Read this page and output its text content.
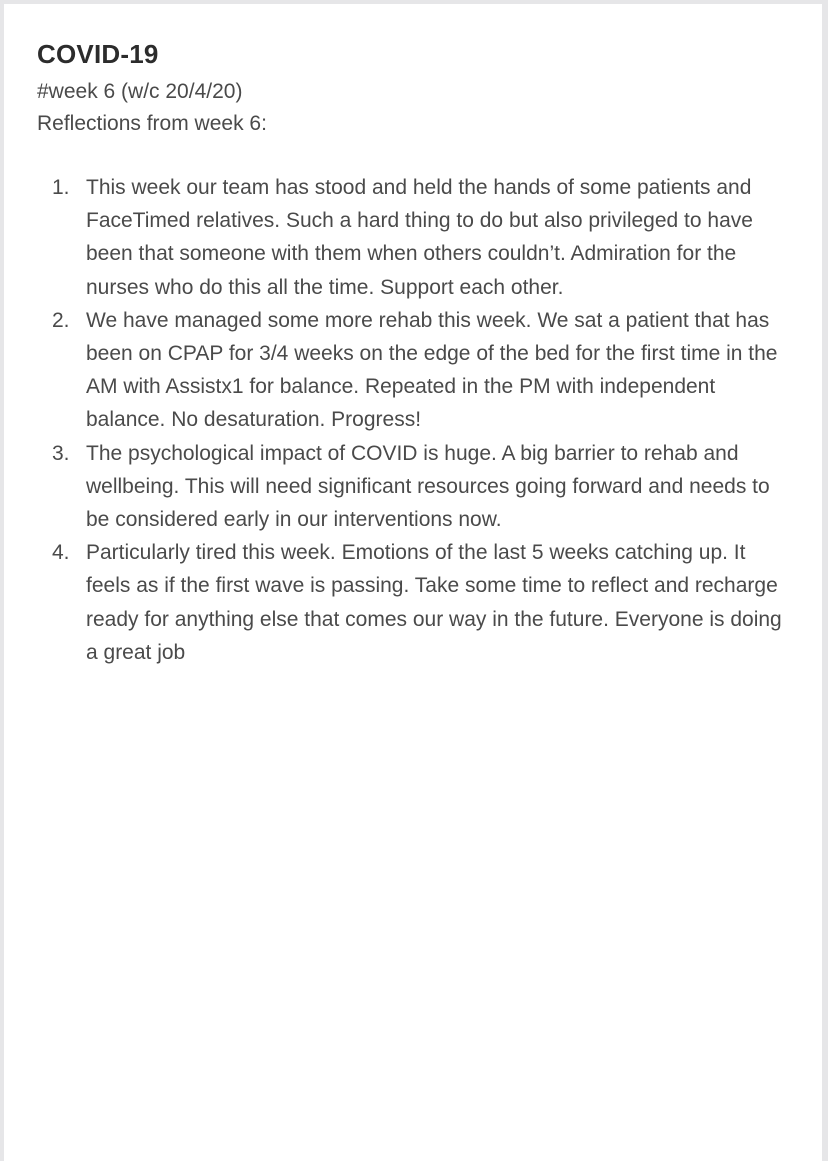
COVID-19

#week 6 (w/c 20/4/20)

Reflections from week 6:

1. This week our team has stood and held the hands of some patients and FaceTimed relatives. Such a hard thing to do but also privileged to have been that someone with them when others couldn’t. Admiration for the nurses who do this all the time. Support each other.
2. We have managed some more rehab this week. We sat a patient that has been on CPAP for 3/4 weeks on the edge of the bed for the first time in the AM with Assistx1 for balance. Repeated in the PM with independent balance. No desaturation. Progress!
3. The psychological impact of COVID is huge. A big barrier to rehab and wellbeing. This will need significant resources going forward and needs to be considered early in our interventions now.
4. Particularly tired this week. Emotions of the last 5 weeks catching up. It feels as if the first wave is passing. Take some time to reflect and recharge ready for anything else that comes our way in the future. Everyone is doing a great job
